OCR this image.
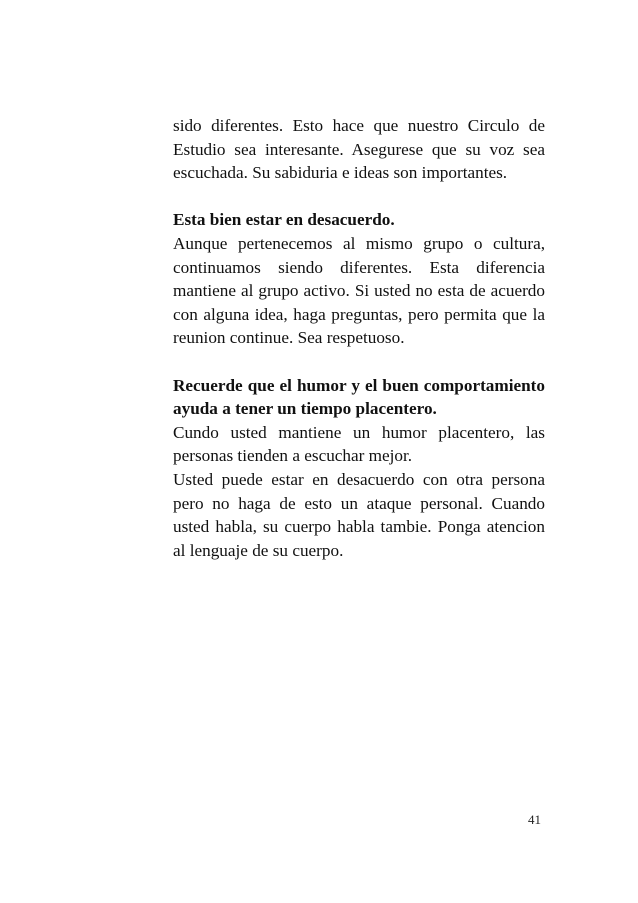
sido diferentes. Esto hace que nuestro Circulo de Estudio sea interesante. Asegurese que su voz sea escuchada. Su sabiduria e ideas son importantes.

Esta bien estar en desacuerdo.

Aunque pertenecemos al mismo grupo o cultura, continuamos siendo diferentes. Esta diferencia mantiene al grupo activo. Si usted no esta de acuerdo con alguna idea, haga preguntas, pero permita que la reunion continue. Sea respetuoso.

Recuerde que el humor y el buen comportamiento ayuda a tener un tiempo placentero.

Cundo usted mantiene un humor placentero, las personas tienden a escuchar mejor.

Usted puede estar en desacuerdo con otra persona pero no haga de esto un ataque personal. Cuando usted habla, su cuerpo habla tambie. Ponga atencion al lenguaje de su cuerpo.

41
